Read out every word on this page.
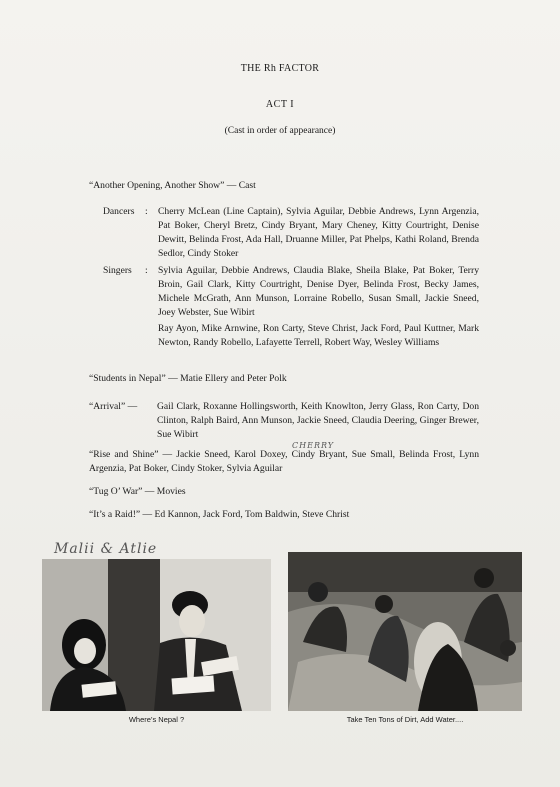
THE Rh FACTOR
ACT I
(Cast in order of appearance)
“Another Opening, Another Show” — Cast
Dancers	:	Cherry McLean (Line Captain), Sylvia Aguilar, Debbie Andrews, Lynn Argenzia, Pat Boker, Cheryl Bretz, Cindy Bryant, Mary Cheney, Kitty Courtright, Denise Dewitt, Belinda Frost, Ada Hall, Druanne Miller, Pat Phelps, Kathi Roland, Brenda Sedlor, Cindy Stoker
Singers	:	Sylvia Aguilar, Debbie Andrews, Claudia Blake, Sheila Blake, Pat Boker, Terry Broin, Gail Clark, Kitty Courtright, Denise Dyer, Belinda Frost, Becky James, Michele McGrath, Ann Munson, Lorraine Robello, Susan Small, Jackie Sneed, Joey Webster, Sue Wibirt
Ray Ayon, Mike Arnwine, Ron Carty, Steve Christ, Jack Ford, Paul Kuttner, Mark Newton, Randy Robello, Lafayette Terrell, Robert Way, Wesley Williams
“Students in Nepal” — Matie Ellery and Peter Polk
“Arrival” —	Gail Clark, Roxanne Hollingsworth, Keith Knowlton, Jerry Glass, Ron Carty, Don Clinton, Ralph Baird, Ann Munson, Jackie Sneed, Claudia Deering, Ginger Brewer, Sue Wibirt
CHERRY
“Rise and Shine” — Jackie Sneed, Karol Doxey, Cindy Bryant, Sue Small, Belinda Frost, Lynn Argenzia, Pat Boker, Cindy Stoker, Sylvia Aguilar
“Tug O’ War” — Movies
“It’s a Raid!” — Ed Kannon, Jack Ford, Tom Baldwin, Steve Christ
Malii & Atlie
Where’s Nepal ?	Take Ten Tons of Dirt, Add Water....
